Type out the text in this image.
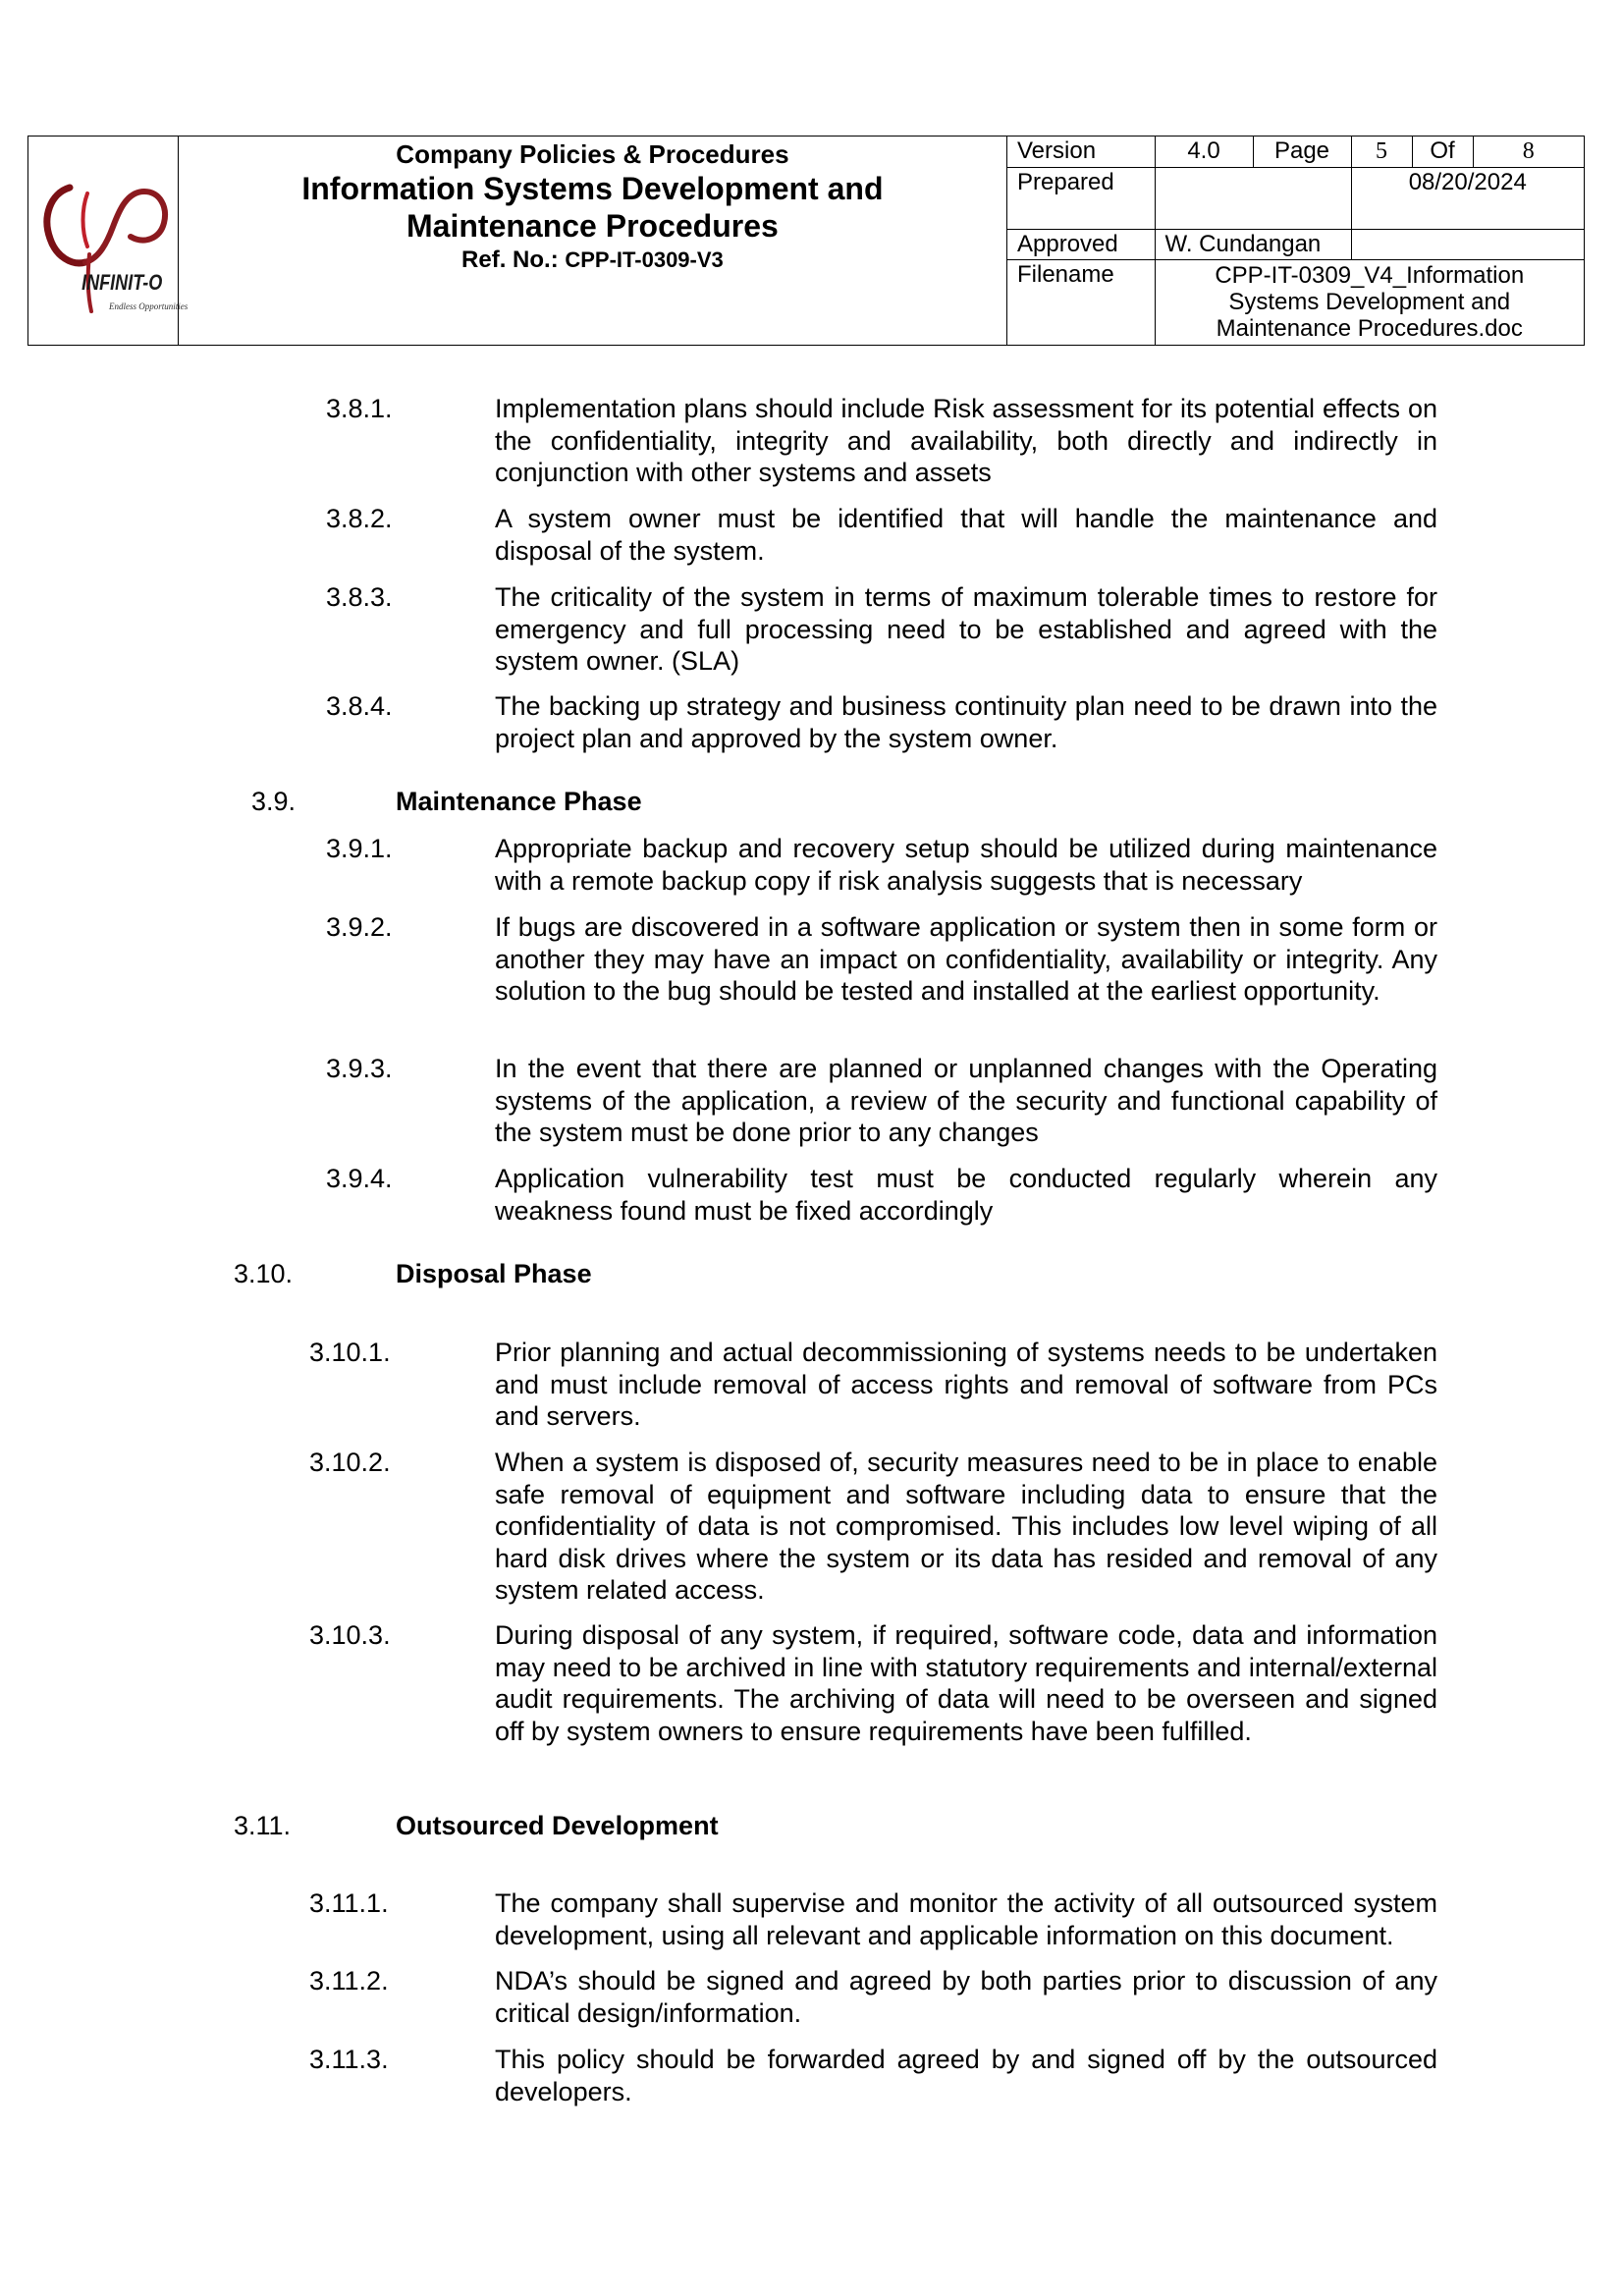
INFINIT-O
Endless Opportunities
Company Policies & Procedures
Information Systems Development and
Maintenance Procedures
Ref. No.: CPP-IT-0309-V3
Version	4.0	Page	5	Of	8
Prepared			08/20/2024		
Approved	W. Cundangan				
Filename	CPP-IT-0309_V4_Information
Systems Development and
Maintenance Procedures.doc				
3.8.1.	Implementation plans should include Risk assessment for its potential effects on the confidentiality, integrity and availability, both directly and indirectly in conjunction with other systems and assets
3.8.2.	A system owner must be identified that will handle the maintenance and disposal of the system.
3.8.3.	The criticality of the system in terms of maximum tolerable times to restore for emergency and full processing need to be established and agreed with the system owner. (SLA)
3.8.4.	The backing up strategy and business continuity plan need to be drawn into the project plan and approved by the system owner.
3.9.	Maintenance Phase
3.9.1.	Appropriate backup and recovery setup should be utilized during maintenance with a remote backup copy if risk analysis suggests that is necessary
3.9.2.	If bugs are discovered in a software application or system then in some form or another they may have an impact on confidentiality, availability or integrity. Any solution to the bug should be tested and installed at the earliest opportunity.
3.9.3.	In the event that there are planned or unplanned changes with the Operating systems of the application, a review of the security and functional capability of the system must be done prior to any changes
3.9.4.	Application vulnerability test must be conducted regularly wherein any weakness found must be fixed accordingly
3.10.	Disposal Phase
3.10.1.	Prior planning and actual decommissioning of systems needs to be undertaken and must include removal of access rights and removal of software from PCs and servers.
3.10.2.	When a system is disposed of, security measures need to be in place to enable safe removal of equipment and software including data to ensure that the confidentiality of data is not compromised. This includes low level wiping of all hard disk drives where the system or its data has resided and removal of any system related access.
3.10.3.	During disposal of any system, if required, software code, data and information may need to be archived in line with statutory requirements and internal/external audit requirements. The archiving of data will need to be overseen and signed off by system owners to ensure requirements have been fulfilled.
3.11.	Outsourced Development
3.11.1.	The company shall supervise and monitor the activity of all outsourced system development, using all relevant and applicable information on this document.
3.11.2.	NDA’s should be signed and agreed by both parties prior to discussion of any critical design/information.
3.11.3.	This policy should be forwarded agreed by and signed off by the outsourced developers.
